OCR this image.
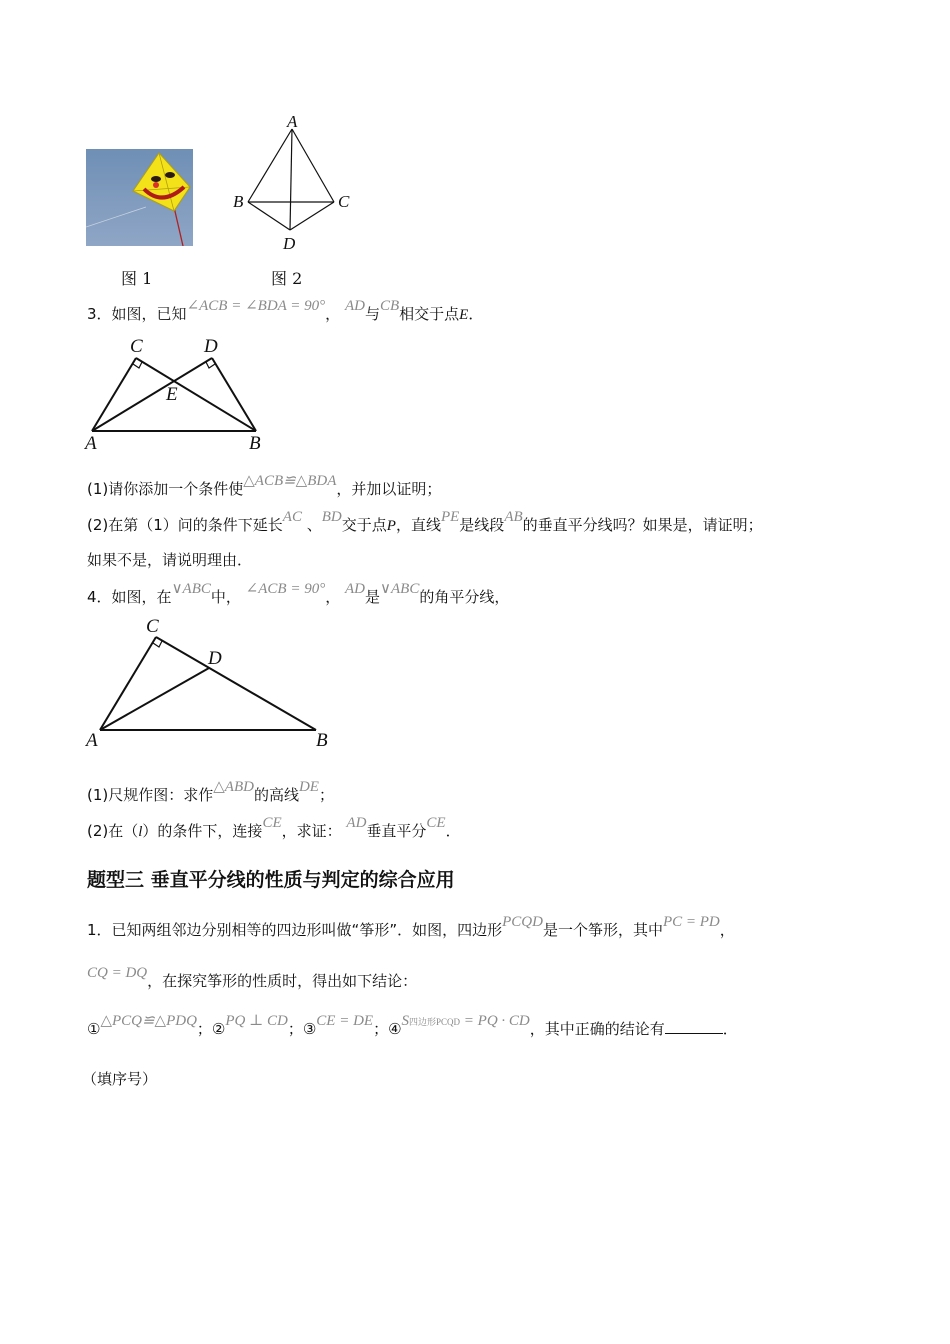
A
B	C
D
图 1	图 2
3．如图，已知∠ACB = ∠BDA = 90°， AD与CB相交于点E．
C	D
E
A	B
(1)请你添加一个条件使△ACB≌△BDA，并加以证明；
(2)在第（1）问的条件下延长AC 、BD交于点P，直线PE是线段AB的垂直平分线吗？如果是，请证明；
如果不是，请说明理由．
4．如图，在∨ABC中， ∠ACB = 90°， AD是∨ABC的角平分线，
C
D
A	B
(1)尺规作图：求作△ABD的高线DE；
(2)在（l）的条件下，连接CE，求证： AD垂直平分CE．
题型三 垂直平分线的性质与判定的综合应用
1．已知两组邻边分别相等的四边形叫做“筝形”．如图，四边形PCQD是一个筝形，其中PC = PD，
CQ = DQ，在探究筝形的性质时，得出如下结论：
①△PCQ≌△PDQ；②PQ ⊥ CD；③CE = DE；④S四边形PCQD = PQ · CD，其中正确的结论有	．
（填序号）
